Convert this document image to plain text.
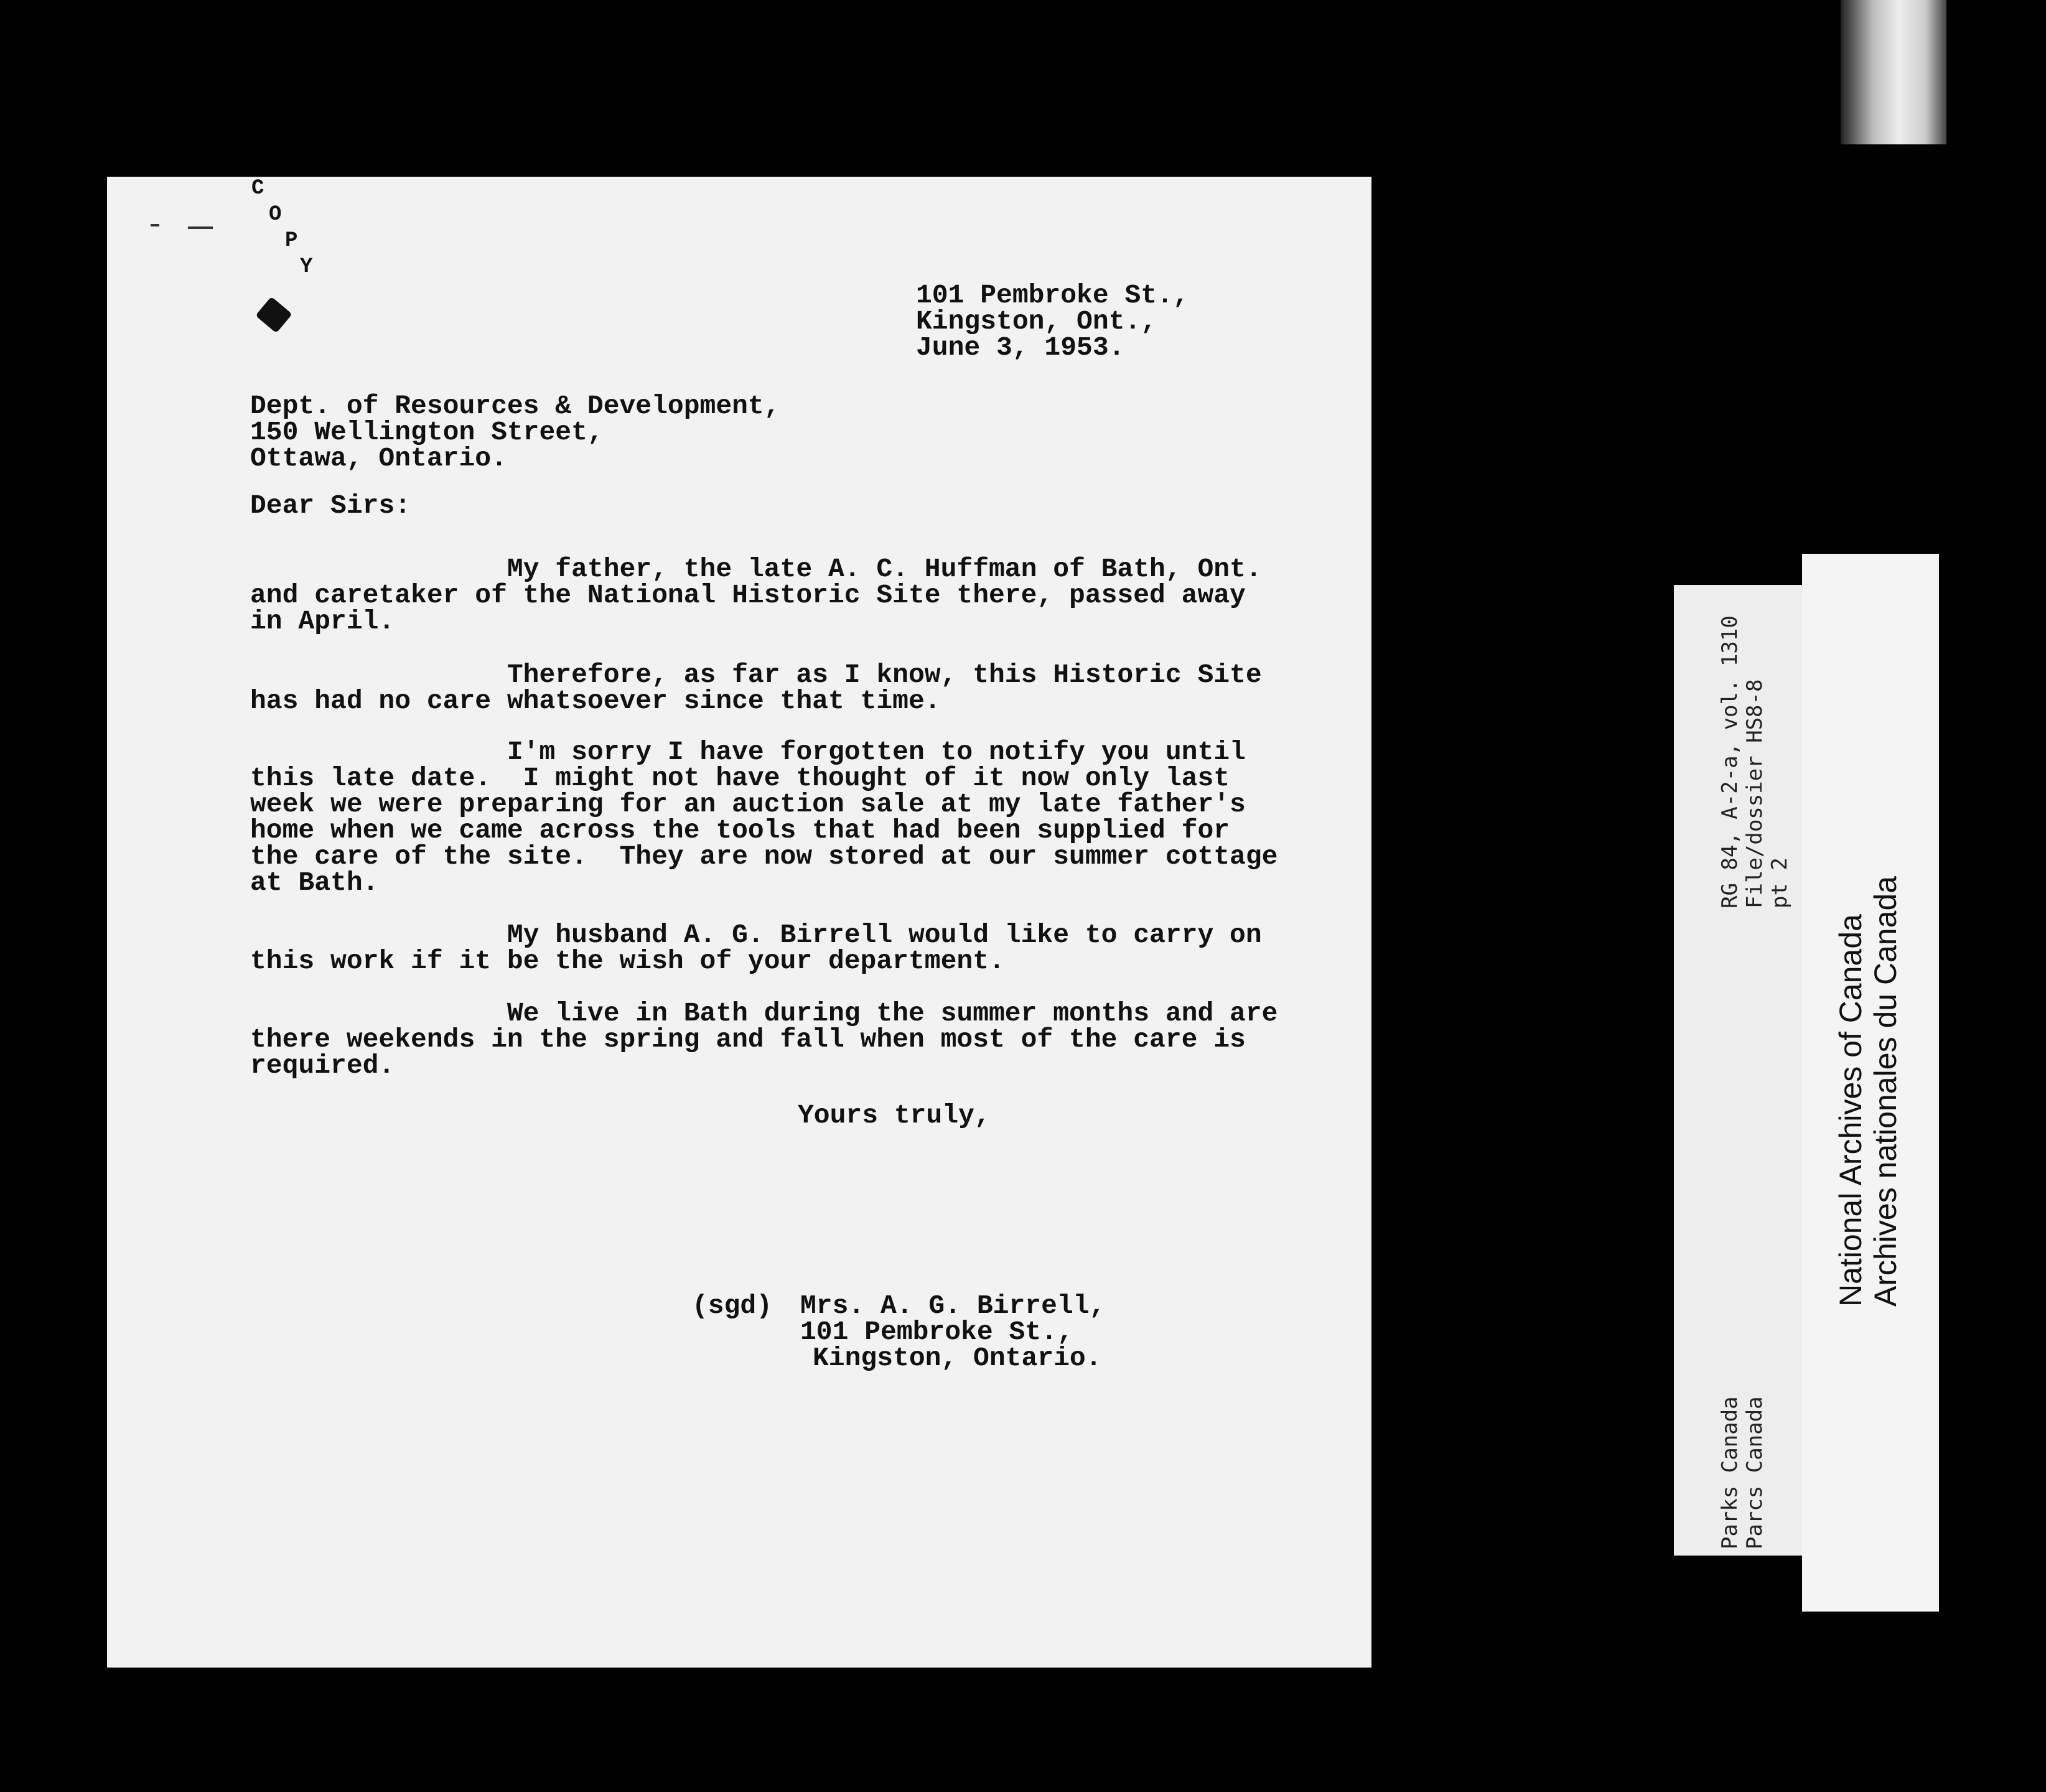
C
O
P
Y
101 Pembroke St.,
Kingston, Ont.,
June 3, 1953.
Dept. of Resources & Development,
150 Wellington Street,
Ottawa, Ontario.
Dear Sirs:
My father, the late A. C. Huffman of Bath, Ont.
and caretaker of the National Historic Site there, passed away
in April.
Therefore, as far as I know, this Historic Site
has had no care whatsoever since that time.
I'm sorry I have forgotten to notify you until
this late date.  I might not have thought of it now only last
week we were preparing for an auction sale at my late father's
home when we came across the tools that had been supplied for
the care of the site.  They are now stored at our summer cottage
at Bath.
My husband A. G. Birrell would like to carry on
this work if it be the wish of your department.
We live in Bath during the summer months and are
there weekends in the spring and fall when most of the care is
required.
Yours truly,
(sgd) Mrs. A. G. Birrell,
101 Pembroke St.,
Kingston, Ontario.
RG 84, A-2-a, vol. 1310 File/dossier HS8-8 pt 2
Parks Canada Parcs Canada
National Archives of Canada Archives nationales du Canada
